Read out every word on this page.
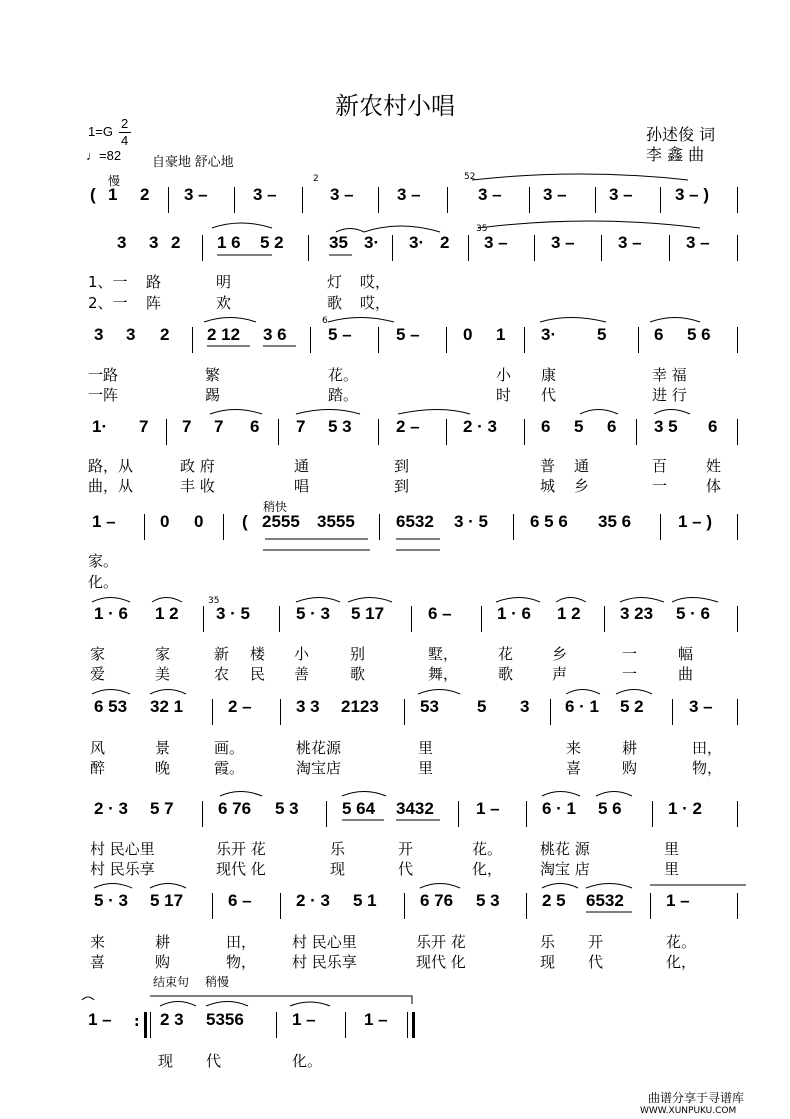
新农村小唱
1=G
2
4
♩=82 自豪地 舒心地
孙述俊 词
李 鑫 曲
慢	2	52
35
6
35
稍快
结束句 稍慢
( 1 2 3 –	3 –	3 –	3 –	3 – 3 – 3 – 3 – )
3 3 2 1 6 5 2	35 3· 3· 2 3 –	3 –	3 –	3 –
1、一 路	明	灯 哎，
2、一 阵	欢	歌 哎，
3 3 2 2 12 3 6 5 –	5 –	0 1 3· 5	6 5 6
一路	繁	花。	小 康	幸 福
一阵	踢	踏。	时 代	进 行
1· 7 7 7 6 7 5 3	2 –	2 · 3	6 5 6 3 5 6
路，从	政 府	通	到	普 通	百	姓
曲，从	丰 收	唱	到	城 乡	一	体
1 –	0 0 ( 2555 3555 6532 3 · 5 6 5 6 35 6	1 – )
家。
化。
1 · 6 1 2 3 · 5	5 · 3 5 17	6 –	1 · 6 1 2 3 23 5 · 6
家	家	新 楼 小	别	墅，	花	乡	一	幅
爱	美	农 民 善	歌	舞，	歌	声	一	曲
6 53 32 1	2 –	3 3 2123 53 5 3 6 · 1 5 2	3 –
风	景	画。	桃花源	里	来	耕	田，
醉	晚	霞。	淘宝店	里	喜	购	物，
2 · 3 5 7	6 76 5 3	5 64 3432 1 – 6 · 1 5 6	1 · 2
村 民心里	乐开 花	乐	开	花。	桃花 源	里
村 民乐享	现代 化	现	代	化，	淘宝 店	里
5 · 3 5 17	6 –	2 · 3 5 1	6 76 5 3 2 5 6532 1 –
来	耕	田， 村 民心里	乐开 花	乐 开	花。
喜	购	物， 村 民乐享	现代 化	现 代	化，
1 – : 2 3 5356	1 –	1 –
现 代	化。
曲谱分享于寻谱库
WWW.XUNPUKU.COM
